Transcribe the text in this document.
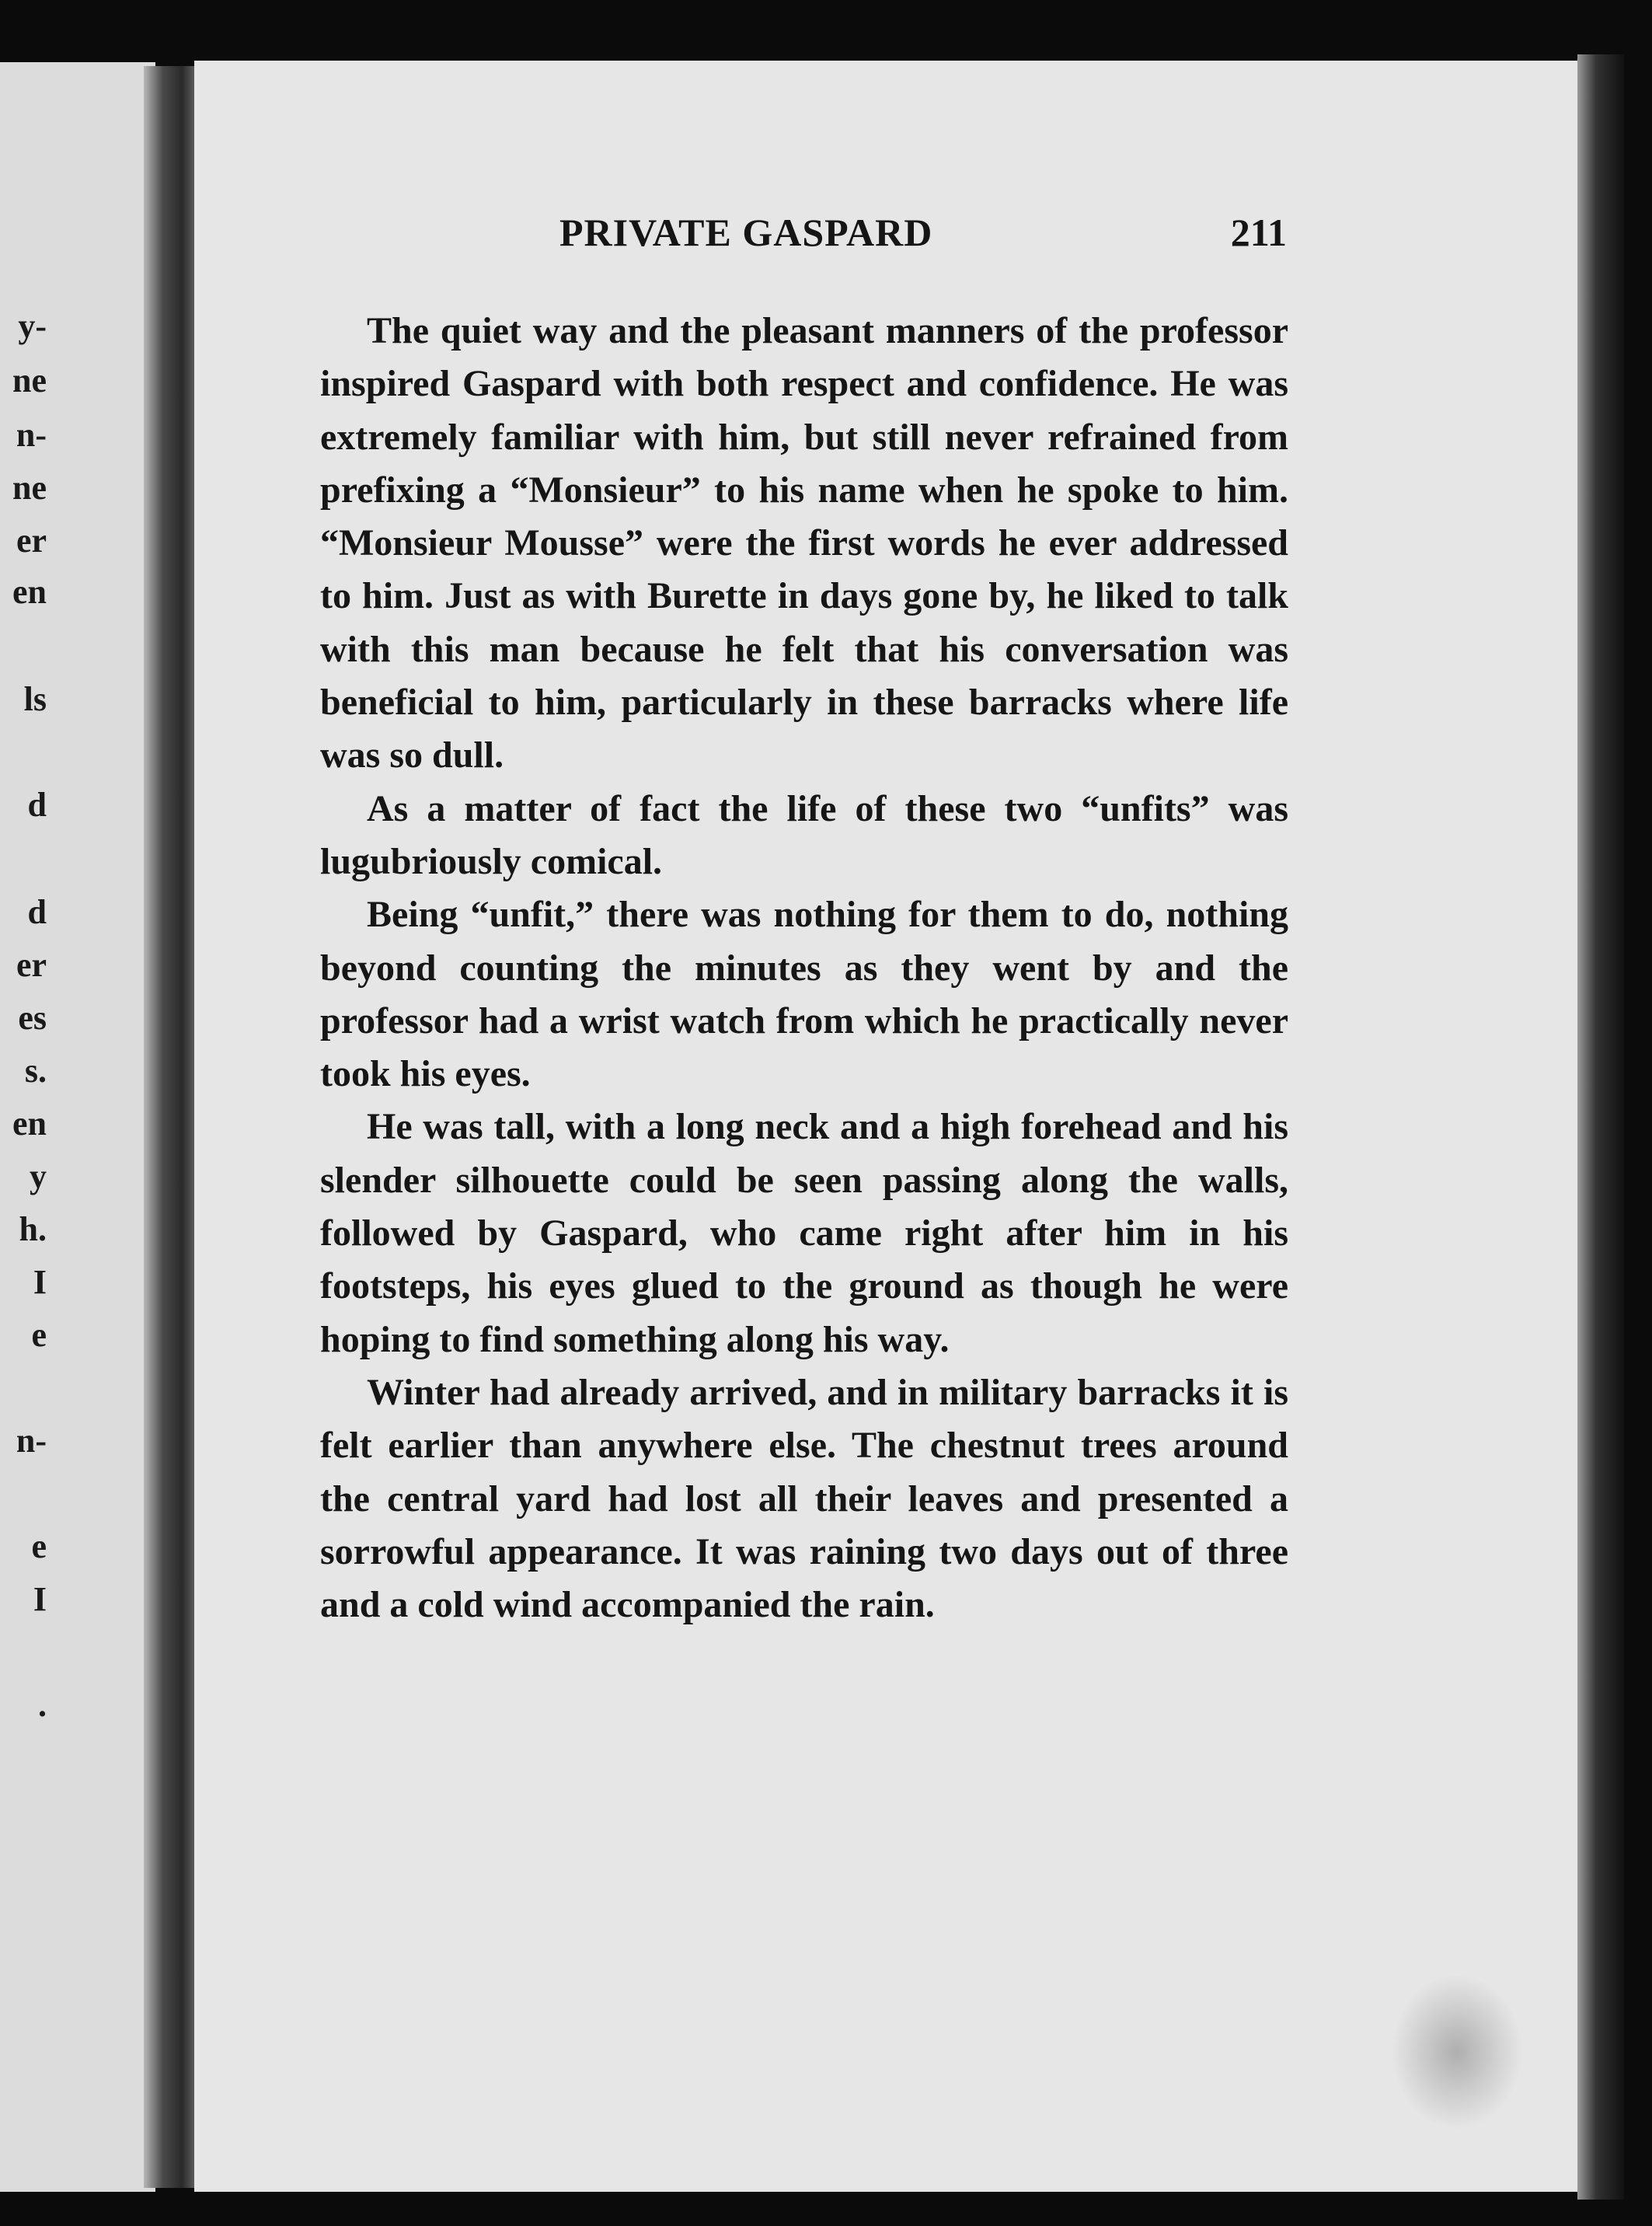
y-
ne
n-
ne
er
en
ls
d
d
er
es
s.
en
y
h.
I
e
n-
e
I
.
PRIVATE GASPARD	211

The quiet way and the pleasant manners of the professor inspired Gaspard with both respect and confidence. He was extremely familiar with him, but still never refrained from prefixing a “Monsieur” to his name when he spoke to him. “Monsieur Mousse” were the first words he ever addressed to him. Just as with Burette in days gone by, he liked to talk with this man because he felt that his conversation was beneficial to him, particularly in these barracks where life was so dull.

As a matter of fact the life of these two “unfits” was lugubriously comical.

Being “unfit,” there was nothing for them to do, nothing beyond counting the minutes as they went by and the professor had a wrist watch from which he practically never took his eyes.

He was tall, with a long neck and a high forehead and his slender silhouette could be seen passing along the walls, followed by Gaspard, who came right after him in his footsteps, his eyes glued to the ground as though he were hoping to find something along his way.

Winter had already arrived, and in military barracks it is felt earlier than anywhere else. The chestnut trees around the central yard had lost all their leaves and presented a sorrowful appearance. It was raining two days out of three and a cold wind accompanied the rain.
